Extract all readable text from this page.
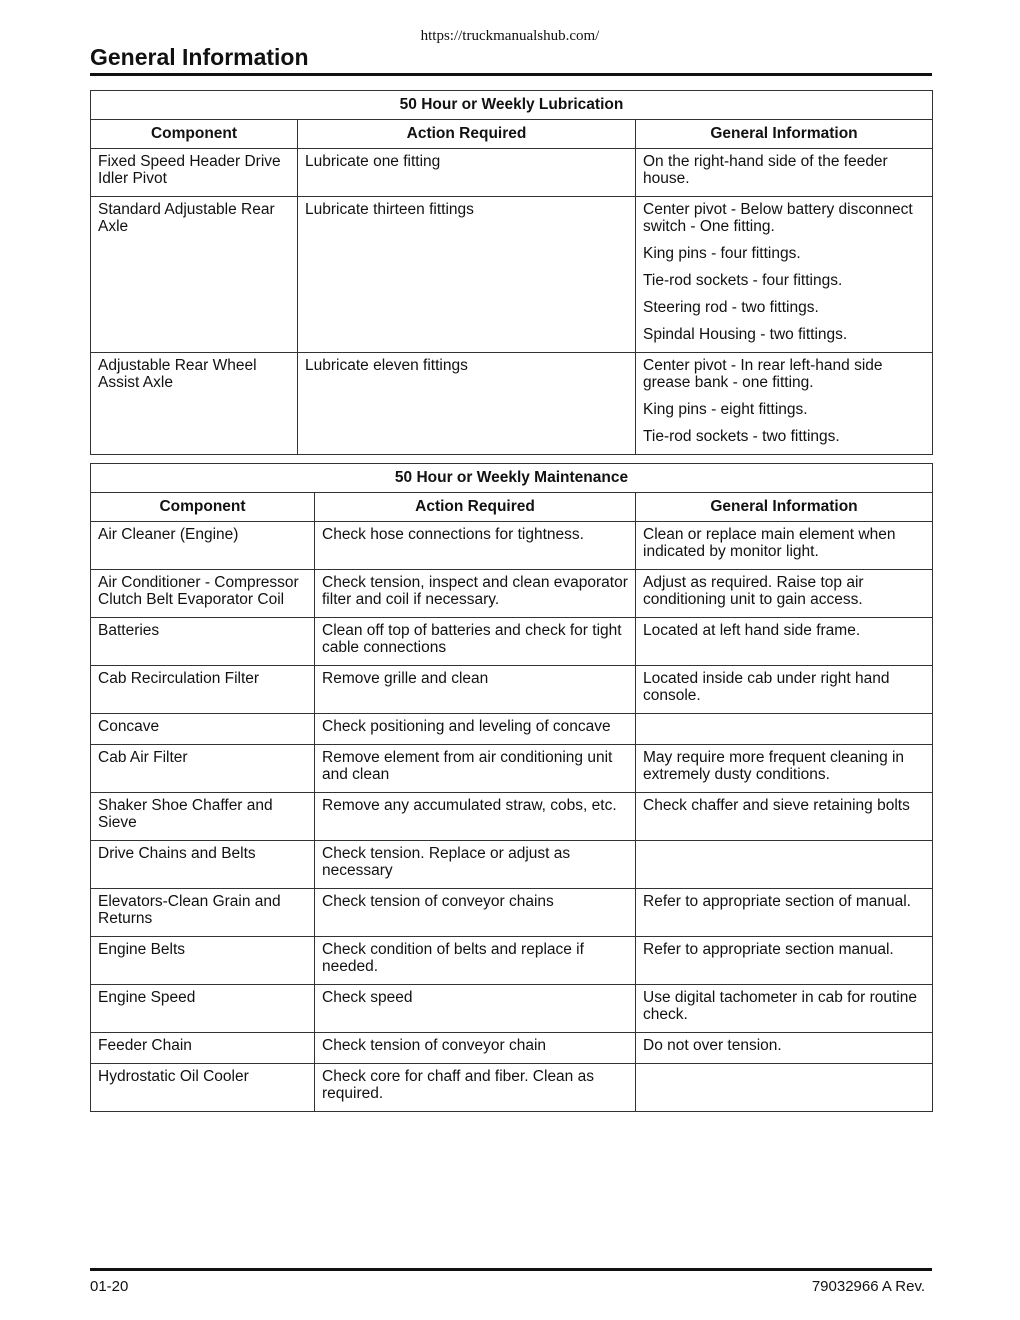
https://truckmanualshub.com/
General Information
50 Hour or Weekly Lubrication		
Component	Action Required	General Information
Fixed Speed Header Drive Idler Pivot	Lubricate one fitting	On the right-hand side of the feeder house.

Standard Adjustable Rear Axle	Lubricate thirteen fittings	Center pivot - Below battery disconnect switch - One fitting.
King pins - four fittings.
Tie-rod sockets - four fittings.
Steering rod - two fittings.
Spindal Housing - two fittings.

Adjustable Rear Wheel Assist Axle	Lubricate eleven fittings	Center pivot - In rear left-hand side grease bank - one fitting.
King pins - eight fittings.
Tie-rod sockets - two fittings.
50 Hour or Weekly Maintenance		
Component	Action Required	General Information
Air Cleaner (Engine)	Check hose connections for tightness.	Clean or replace main element when indicated by monitor light.
Air Conditioner - Compressor Clutch Belt Evaporator Coil	Check tension, inspect and clean evaporator filter and coil if necessary.	Adjust as required. Raise top air conditioning unit to gain access.
Batteries	Clean off top of batteries and check for tight cable connections	Located at left hand side frame.
Cab Recirculation Filter	Remove grille and clean	Located inside cab under right hand console.
Concave	Check positioning and leveling of concave	
Cab Air Filter	Remove element from air conditioning unit and clean	May require more frequent cleaning in extremely dusty conditions.
Shaker Shoe Chaffer and Sieve	Remove any accumulated straw, cobs, etc.	Check chaffer and sieve retaining bolts
Drive Chains and Belts	Check tension. Replace or adjust as necessary	
Elevators-Clean Grain and Returns	Check tension of conveyor chains	Refer to appropriate section of manual.
Engine Belts	Check condition of belts and replace if needed.	Refer to appropriate section manual.
Engine Speed	Check speed	Use digital tachometer in cab for routine check.
Feeder Chain	Check tension of conveyor chain	Do not over tension.
Hydrostatic Oil Cooler	Check core for chaff and fiber. Clean as required.	
01-20	79032966 A Rev.
